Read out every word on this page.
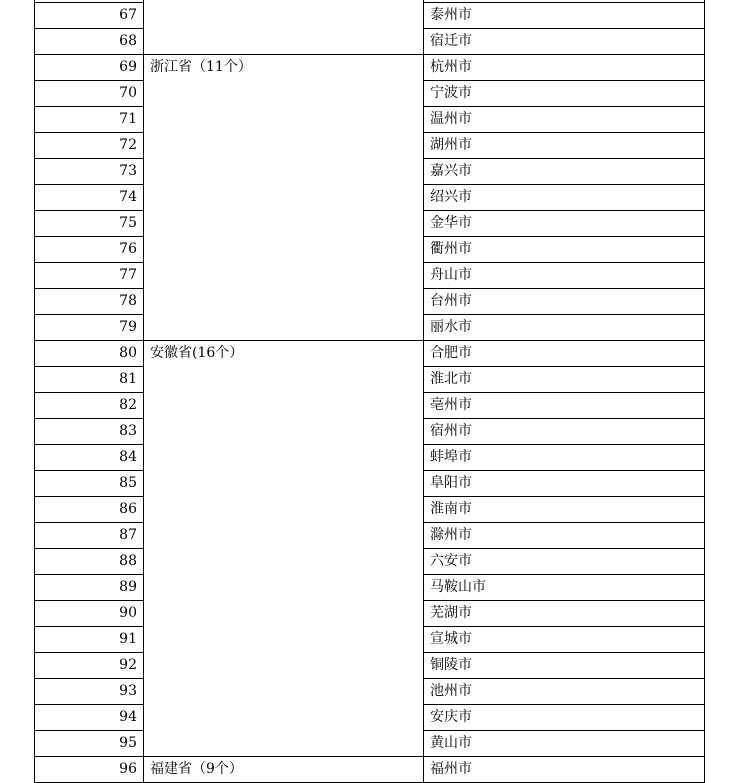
67		泰州市
68		宿迁市
69	浙江省（11个）	杭州市
70		宁波市
71		温州市
72		湖州市
73		嘉兴市
74		绍兴市
75		金华市
76		衢州市
77		舟山市
78		台州市
79		丽水市
80	安徽省(16个）	合肥市
81		淮北市
82		亳州市
83		宿州市
84		蚌埠市
85		阜阳市
86		淮南市
87		滁州市
88		六安市
89		马鞍山市
90		芜湖市
91		宣城市
92		铜陵市
93		池州市
94		安庆市
95		黄山市
96	福建省（9个）	福州市
